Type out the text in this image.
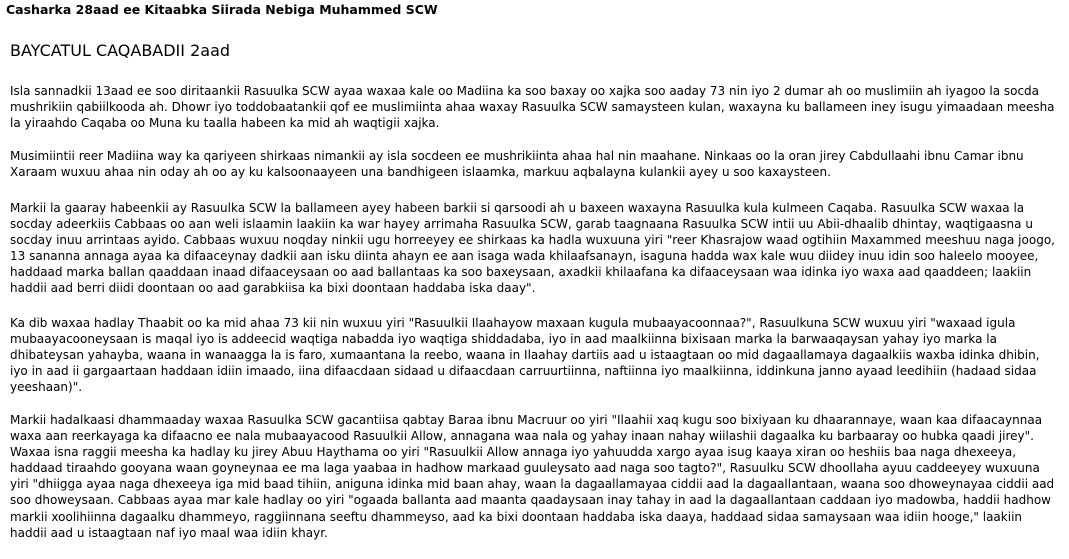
Casharka 28aad ee Kitaabka Siirada Nebiga Muhammed SCW
BAYCATUL CAQABADII 2aad

Isla sannadkii 13aad ee soo diritaankii Rasuulka SCW ayaa waxaa kale oo Madiina ka soo baxay oo xajka soo aaday 73 nin iyo 2 dumar ah oo muslimiin ah iyagoo la socda mushrikiin qabiilkooda ah. Dhowr iyo toddobaatankii qof ee muslimiinta ahaa waxay Rasuulka SCW samaysteen kulan, waxayna ku ballameen iney isugu yimaadaan meesha la yiraahdo Caqaba oo Muna ku taalla habeen ka mid ah waqtigii xajka.

Musimiintii reer Madiina way ka qariyeen shirkaas nimankii ay isla socdeen ee mushrikiinta ahaa hal nin maahane. Ninkaas oo la oran jirey Cabdullaahi ibnu Camar ibnu Xaraam wuxuu ahaa nin oday ah oo ay ku kalsoonaayeen una bandhigeen islaamka, markuu aqbalayna kulankii ayey u soo kaxaysteen.

Markii la gaaray habeenkii ay Rasuulka SCW la ballameen ayey habeen barkii si qarsoodi ah u baxeen waxayna Rasuulka kula kulmeen Caqaba. Rasuulka SCW waxaa la socday adeerkiis Cabbaas oo aan weli islaamin laakiin ka war hayey arrimaha Rasuulka SCW, garab taagnaana Rasuulka SCW intii uu Abii-dhaalib dhintay, waqtigaasna u socday inuu arrintaas ayido. Cabbaas wuxuu noqday ninkii ugu horreeyey ee shirkaas ka hadla wuxuuna yiri "reer Khasrajow waad ogtihiin Maxammed meeshuu naga joogo, 13 sananna annaga ayaa ka difaaceynay dadkii aan isku diinta ahayn ee aan isaga wada khilaafsanayn, isaguna hadda wax kale wuu diidey inuu idin soo haleelo mooyee, haddaad marka ballan qaaddaan inaad difaaceysaan oo aad ballantaas ka soo baxeysaan, axadkii khilaafana ka difaaceysaan waa idinka iyo waxa aad qaaddeen; laakiin haddii aad berri diidi doontaan oo aad garabkiisa ka bixi doontaan haddaba iska daay".

Ka dib waxaa hadlay Thaabit oo ka mid ahaa 73 kii nin wuxuu yiri "Rasuulkii Ilaahayow maxaan kugula mubaayacoonnaa?", Rasuulkuna SCW wuxuu yiri "waxaad igula mubaayacooneysaan is maqal iyo is addeecid waqtiga nabadda iyo waqtiga shiddadaba, iyo in aad maalkiinna bixisaan marka la barwaaqaysan yahay iyo marka la dhibateysan yahayba, waana in wanaagga la is faro, xumaantana la reebo, waana in Ilaahay dartiis aad u istaagtaan oo mid dagaallamaya dagaalkiis waxba idinka dhibin, iyo in aad ii gargaartaan haddaan idiin imaado, iina difaacdaan sidaad u difaacdaan carruurtiinna, naftiinna iyo maalkiinna, iddinkuna janno ayaad leedihiin (hadaad sidaa yeeshaan)".

Markii hadalkaasi dhammaaday waxaa Rasuulka SCW gacantiisa qabtay Baraa ibnu Macruur oo yiri "Ilaahii xaq kugu soo bixiyaan ku dhaarannaye, waan kaa difaacaynnaa waxa aan reerkayaga ka difaacno ee nala mubaayacood Rasuulkii Allow, annagana waa nala og yahay inaan nahay wiilashii dagaalka ku barbaaray oo hubka qaadi jirey". Waxaa isna raggii meesha ka hadlay ku jirey Abuu Haythama oo yiri "Rasuulkii Allow annaga iyo yahuudda xargo ayaa isug kaaya xiran oo heshiis baa naga dhexeeya, haddaad tiraahdo gooyana waan goyneynaa ee ma laga yaabaa in hadhow markaad guuleysato aad naga soo tagto?", Rasuulku SCW dhoollaha ayuu caddeeyey wuxuuna yiri "dhiigga ayaa naga dhexeeya iga mid baad tihiin, aniguna idinka mid baan ahay, waan la dagaallamayaa ciddii aad la dagaallantaan, waana soo dhoweynayaa ciddii aad soo dhoweysaan. Cabbaas ayaa mar kale hadlay oo yiri "ogaada ballanta aad maanta qaadaysaan inay tahay in aad la dagaallantaan caddaan iyo madowba, haddii hadhow markii xoolihiinna dagaalku dhammeyo, raggiinnana seeftu dhammeyso, aad ka bixi doontaan haddaba iska daaya, haddaad sidaa samaysaan waa idiin hooge," laakiin haddii aad u istaagtaan naf iyo maal waa idiin khayr.
